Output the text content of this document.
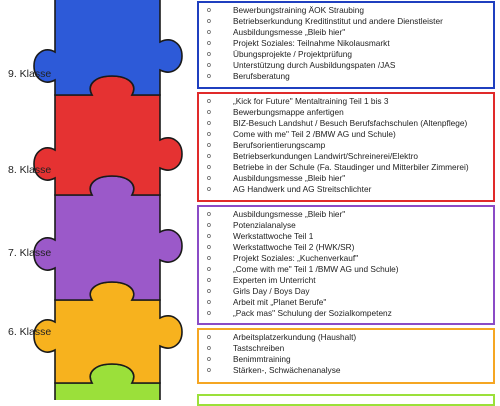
9. Klasse
8. Klasse
7. Klasse
6. Klasse
o	Bewerbungstraining ÄOK Straubing
o	Betriebserkundung Kreditinstitut und andere Dienstleister
o	Ausbildungsmesse „Bleib hier"
o	Projekt Soziales: Teilnahme Nikolausmarkt
o	Übungsprojekte / Projektprüfung
o	Unterstützung durch Ausbildungspaten /JAS
o	Berufsberatung
o	„Kick for Future" Mentaltraining Teil 1 bis 3
o	Bewerbungsmappe anfertigen
o	BIZ-Besuch Landshut / Besuch Berufsfachschulen (Altenpflege)
o	Come with me" Teil 2 /BMW AG und Schule)
o	Berufsorientierungscamp
o	Betriebserkundungen Landwirt/Schreinerei/Elektro
o	Betriebe in der Schule (Fa. Staudinger und Mitterbiler Zimmerei)
o	Ausbildungsmesse „Bleib hier"
o	AG Handwerk und AG Streitschlichter
o	Ausbildungsmesse „Bleib hier"
o	Potenzialanalyse
o	Werkstattwoche Teil 1
o	Werkstattwoche Teil 2 (HWK/SR)
o	Projekt Soziales: „Kuchenverkauf"
o	„Come with me" Teil 1 /BMW AG und Schule)
o	Experten im Unterricht
o	Girls Day / Boys Day
o	Arbeit mit „Planet Berufe"
o	„Pack mas" Schulung der Sozialkompetenz
o	Arbeitsplatzerkundung (Haushalt)
o	Tastschreiben
o	Benimmtraining
o	Stärken-, Schwächenanalyse
